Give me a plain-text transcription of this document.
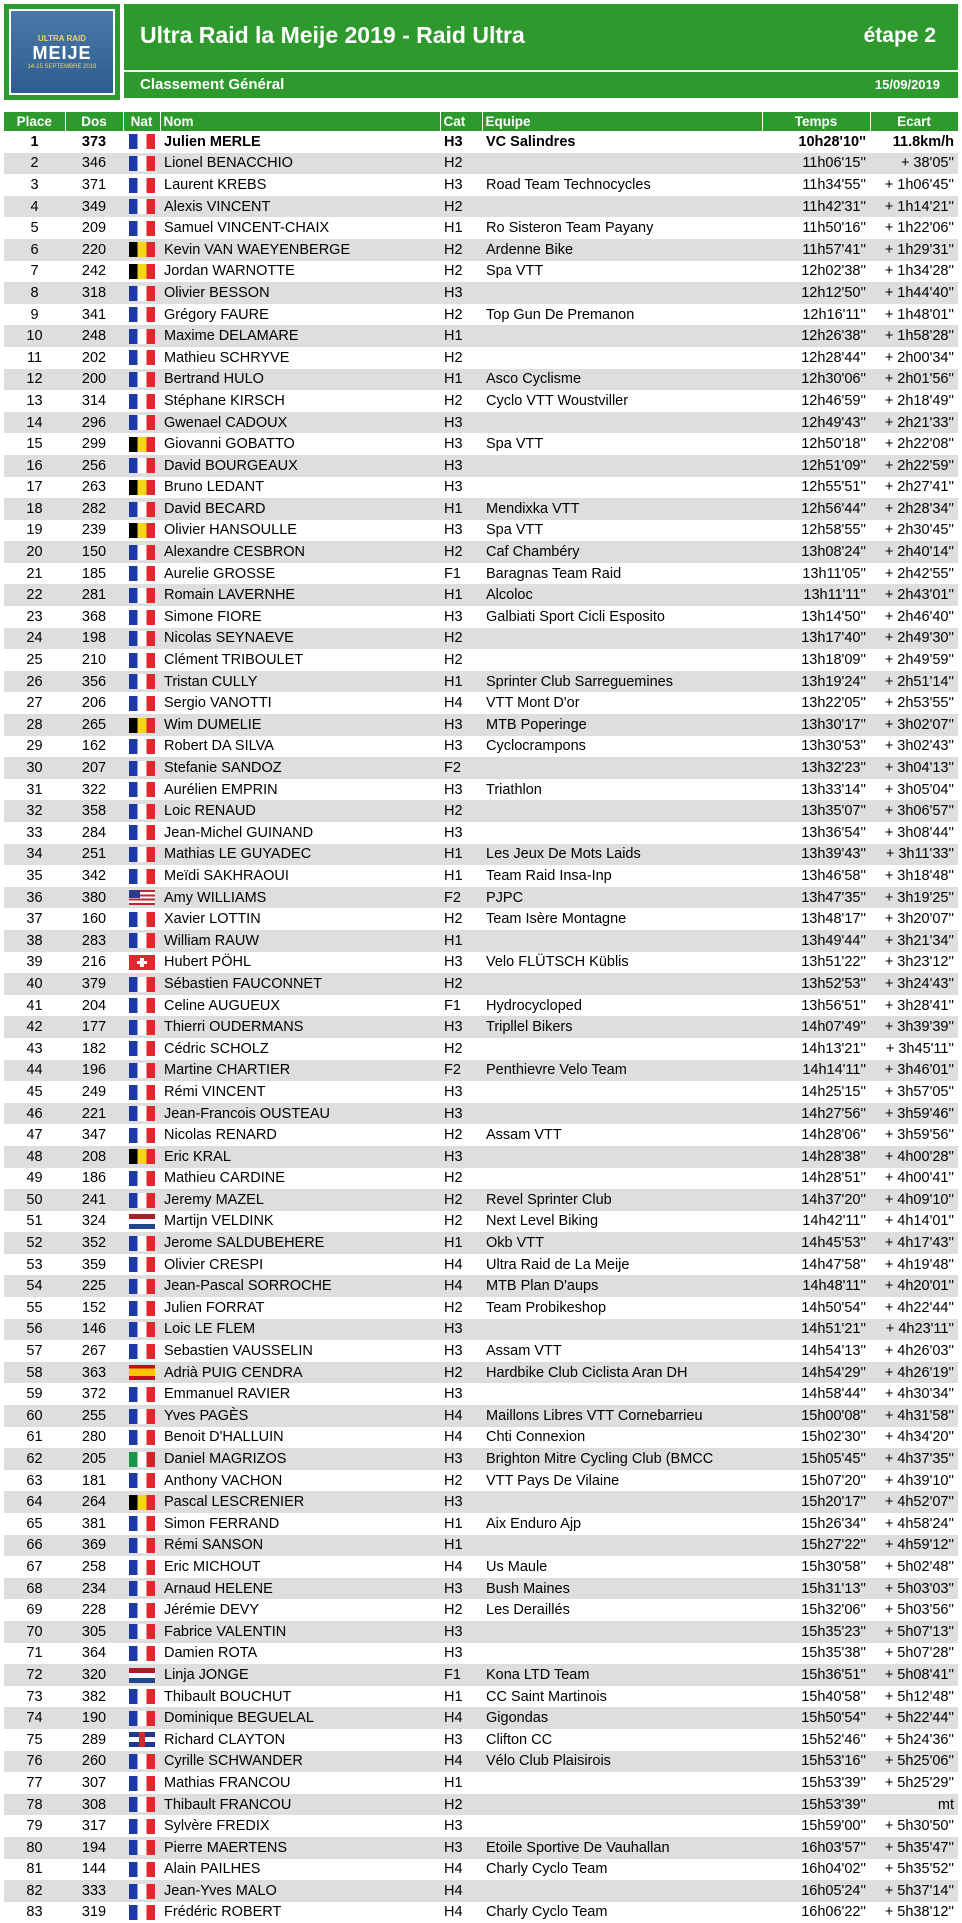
ULTRA RAID
MEIJE
14-15 SEPTEMBRE 2019
Ultra Raid la Meije 2019 - Raid Ultra	étape 2
Classement Général	15/09/2019
Place	Dos	Nat	Nom	Cat	Equipe	Temps	Ecart
1	373		Julien MERLE	H3	VC Salindres	10h28'10''	11.8km/h
2	346		Lionel BENACCHIO	H2		11h06'15''	+ 38'05''
3	371		Laurent KREBS	H3	Road Team Technocycles	11h34'55''	+ 1h06'45''
4	349		Alexis VINCENT	H2		11h42'31''	+ 1h14'21''
5	209		Samuel VINCENT-CHAIX	H1	Ro Sisteron Team Payany	11h50'16''	+ 1h22'06''
6	220		Kevin VAN WAEYENBERGE	H2	Ardenne Bike	11h57'41''	+ 1h29'31''
7	242		Jordan WARNOTTE	H2	Spa VTT	12h02'38''	+ 1h34'28''
8	318		Olivier BESSON	H3		12h12'50''	+ 1h44'40''
9	341		Grégory FAURE	H2	Top Gun De Premanon	12h16'11''	+ 1h48'01''
10	248		Maxime DELAMARE	H1		12h26'38''	+ 1h58'28''
11	202		Mathieu SCHRYVE	H2		12h28'44''	+ 2h00'34''
12	200		Bertrand HULO	H1	Asco Cyclisme	12h30'06''	+ 2h01'56''
13	314		Stéphane KIRSCH	H2	Cyclo VTT Woustviller	12h46'59''	+ 2h18'49''
14	296		Gwenael CADOUX	H3		12h49'43''	+ 2h21'33''
15	299		Giovanni GOBATTO	H3	Spa VTT	12h50'18''	+ 2h22'08''
16	256		David BOURGEAUX	H3		12h51'09''	+ 2h22'59''
17	263		Bruno LEDANT	H3		12h55'51''	+ 2h27'41''
18	282		David BECARD	H1	Mendixka VTT	12h56'44''	+ 2h28'34''
19	239		Olivier HANSOULLE	H3	Spa VTT	12h58'55''	+ 2h30'45''
20	150		Alexandre CESBRON	H2	Caf Chambéry	13h08'24''	+ 2h40'14''
21	185		Aurelie GROSSE	F1	Baragnas Team Raid	13h11'05''	+ 2h42'55''
22	281		Romain LAVERNHE	H1	Alcoloc	13h11'11''	+ 2h43'01''
23	368		Simone FIORE	H3	Galbiati Sport Cicli Esposito	13h14'50''	+ 2h46'40''
24	198		Nicolas SEYNAEVE	H2		13h17'40''	+ 2h49'30''
25	210		Clément TRIBOULET	H2		13h18'09''	+ 2h49'59''
26	356		Tristan CULLY	H1	Sprinter Club Sarreguemines	13h19'24''	+ 2h51'14''
27	206		Sergio VANOTTI	H4	VTT Mont D'or	13h22'05''	+ 2h53'55''
28	265		Wim DUMELIE	H3	MTB Poperinge	13h30'17''	+ 3h02'07''
29	162		Robert DA SILVA	H3	Cyclocrampons	13h30'53''	+ 3h02'43''
30	207		Stefanie SANDOZ	F2		13h32'23''	+ 3h04'13''
31	322		Aurélien EMPRIN	H3	Triathlon	13h33'14''	+ 3h05'04''
32	358		Loic RENAUD	H2		13h35'07''	+ 3h06'57''
33	284		Jean-Michel GUINAND	H3		13h36'54''	+ 3h08'44''
34	251		Mathias LE GUYADEC	H1	Les Jeux De Mots Laids	13h39'43''	+ 3h11'33''
35	342		Meïdi SAKHRAOUI	H1	Team Raid Insa-Inp	13h46'58''	+ 3h18'48''
36	380		Amy WILLIAMS	F2	PJPC	13h47'35''	+ 3h19'25''
37	160		Xavier LOTTIN	H2	Team Isère Montagne	13h48'17''	+ 3h20'07''
38	283		William RAUW	H1		13h49'44''	+ 3h21'34''
39	216		Hubert PÖHL	H3	Velo FLÜTSCH Küblis	13h51'22''	+ 3h23'12''
40	379		Sébastien FAUCONNET	H2		13h52'53''	+ 3h24'43''
41	204		Celine AUGUEUX	F1	Hydrocycloped	13h56'51''	+ 3h28'41''
42	177		Thierri OUDERMANS	H3	Tripllel Bikers	14h07'49''	+ 3h39'39''
43	182		Cédric SCHOLZ	H2		14h13'21''	+ 3h45'11''
44	196		Martine CHARTIER	F2	Penthievre Velo Team	14h14'11''	+ 3h46'01''
45	249		Rémi VINCENT	H3		14h25'15''	+ 3h57'05''
46	221		Jean-Francois OUSTEAU	H3		14h27'56''	+ 3h59'46''
47	347		Nicolas RENARD	H2	Assam VTT	14h28'06''	+ 3h59'56''
48	208		Eric KRAL	H3		14h28'38''	+ 4h00'28''
49	186		Mathieu CARDINE	H2		14h28'51''	+ 4h00'41''
50	241		Jeremy MAZEL	H2	Revel Sprinter Club	14h37'20''	+ 4h09'10''
51	324		Martijn VELDINK	H2	Next Level Biking	14h42'11''	+ 4h14'01''
52	352		Jerome SALDUBEHERE	H1	Okb VTT	14h45'53''	+ 4h17'43''
53	359		Olivier CRESPI	H4	Ultra Raid de La Meije	14h47'58''	+ 4h19'48''
54	225		Jean-Pascal SORROCHE	H4	MTB Plan D'aups	14h48'11''	+ 4h20'01''
55	152		Julien FORRAT	H2	Team Probikeshop	14h50'54''	+ 4h22'44''
56	146		Loic LE FLEM	H3		14h51'21''	+ 4h23'11''
57	267		Sebastien VAUSSELIN	H3	Assam VTT	14h54'13''	+ 4h26'03''
58	363		Adrià PUIG CENDRA	H2	Hardbike Club Ciclista Aran DH	14h54'29''	+ 4h26'19''
59	372		Emmanuel RAVIER	H3		14h58'44''	+ 4h30'34''
60	255		Yves PAGÈS	H4	Maillons Libres VTT Cornebarrieu	15h00'08''	+ 4h31'58''
61	280		Benoit D'HALLUIN	H4	Chti Connexion	15h02'30''	+ 4h34'20''
62	205		Daniel MAGRIZOS	H3	Brighton Mitre Cycling Club (BMCC	15h05'45''	+ 4h37'35''
63	181		Anthony VACHON	H2	VTT Pays De Vilaine	15h07'20''	+ 4h39'10''
64	264		Pascal LESCRENIER	H3		15h20'17''	+ 4h52'07''
65	381		Simon FERRAND	H1	Aix Enduro Ajp	15h26'34''	+ 4h58'24''
66	369		Rémi SANSON	H1		15h27'22''	+ 4h59'12''
67	258		Eric MICHOUT	H4	Us Maule	15h30'58''	+ 5h02'48''
68	234		Arnaud HELENE	H3	Bush Maines	15h31'13''	+ 5h03'03''
69	228		Jérémie DEVY	H2	Les Deraillés	15h32'06''	+ 5h03'56''
70	305		Fabrice VALENTIN	H3		15h35'23''	+ 5h07'13''
71	364		Damien ROTA	H3		15h35'38''	+ 5h07'28''
72	320		Linja JONGE	F1	Kona LTD Team	15h36'51''	+ 5h08'41''
73	382		Thibault BOUCHUT	H1	CC Saint Martinois	15h40'58''	+ 5h12'48''
74	190		Dominique BEGUELAL	H4	Gigondas	15h50'54''	+ 5h22'44''
75	289		Richard CLAYTON	H3	Clifton CC	15h52'46''	+ 5h24'36''
76	260		Cyrille SCHWANDER	H4	Vélo Club Plaisirois	15h53'16''	+ 5h25'06''
77	307		Mathias FRANCOU	H1		15h53'39''	+ 5h25'29''
78	308		Thibault FRANCOU	H2		15h53'39''	mt
79	317		Sylvère FREDIX	H3		15h59'00''	+ 5h30'50''
80	194		Pierre MAERTENS	H3	Etoile Sportive De Vauhallan	16h03'57''	+ 5h35'47''
81	144		Alain PAILHES	H4	Charly Cyclo Team	16h04'02''	+ 5h35'52''
82	333		Jean-Yves MALO	H4		16h05'24''	+ 5h37'14''
83	319		Frédéric ROBERT	H4	Charly Cyclo Team	16h06'22''	+ 5h38'12''
